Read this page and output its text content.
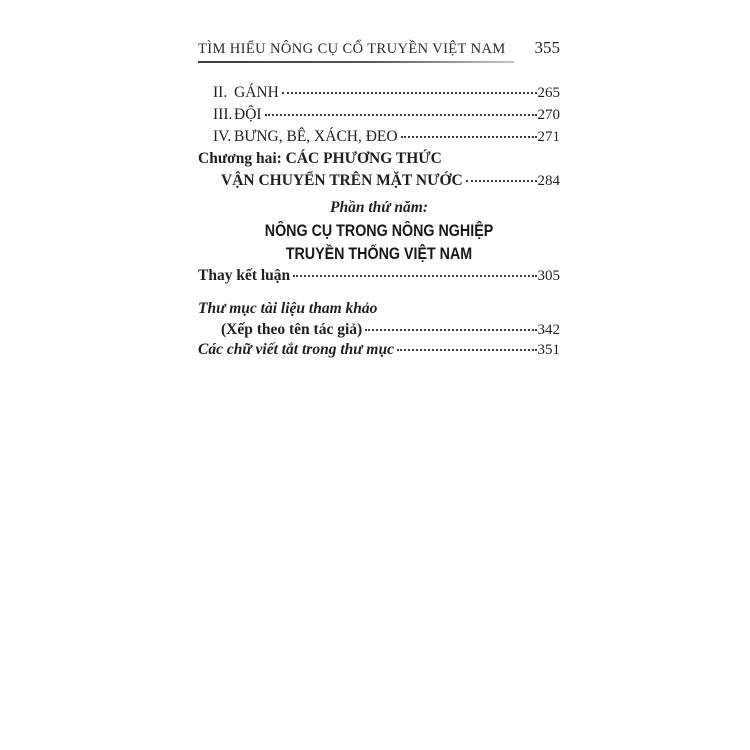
TÌM HIỂU NÔNG CỤ CỔ TRUYỀN VIỆT NAM 355
II. GÁNH	265
III. ĐỘI	270
IV. BƯNG, BÊ, XÁCH, ĐEO	271
Chương hai: CÁC PHƯƠNG THỨC
VẬN CHUYỂN TRÊN MẶT NƯỚC	284
Phần thứ năm:
NÔNG CỤ TRONG NÔNG NGHIỆP
TRUYỀN THỐNG VIỆT NAM
Thay kết luận	305
Thư mục tài liệu tham khảo
(Xếp theo tên tác giả)	342
Các chữ viết tắt trong thư mục	351
